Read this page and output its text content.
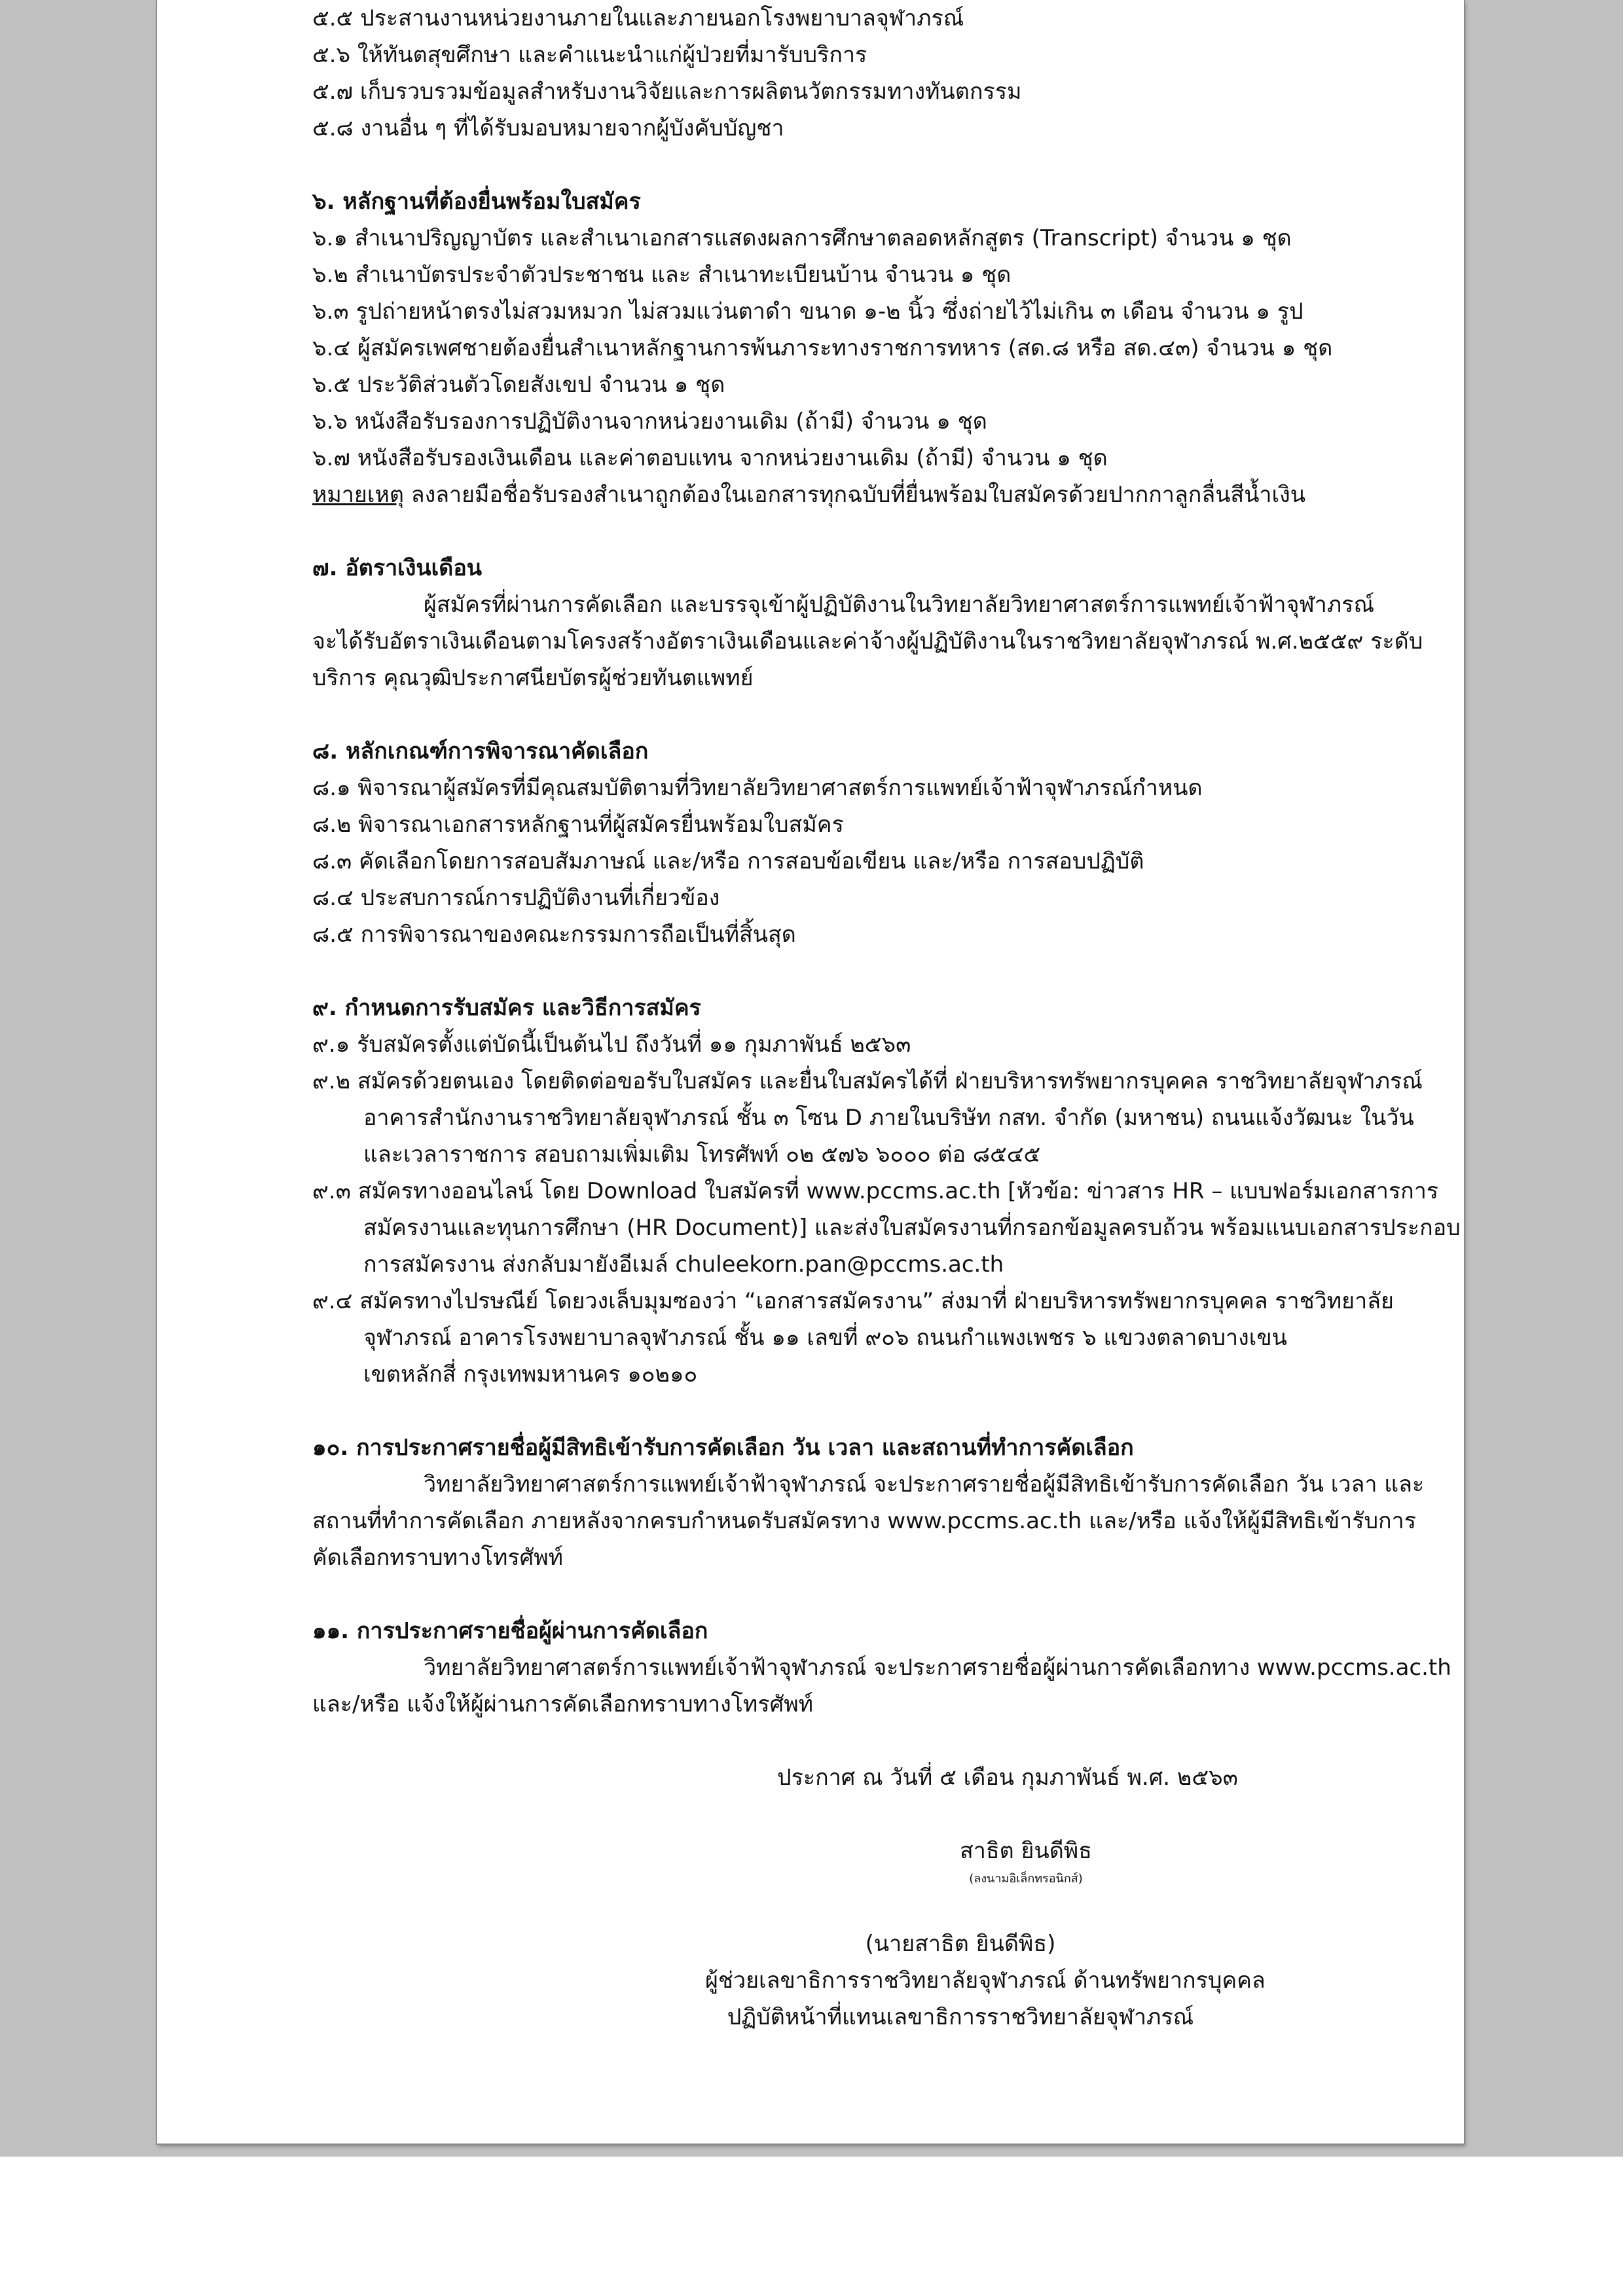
๕.๕ ประสานงานหน่วยงานภายในและภายนอกโรงพยาบาลจุฬาภรณ์
๕.๖ ให้ทันตสุขศึกษา และคำแนะนำแก่ผู้ป่วยที่มารับบริการ
๕.๗ เก็บรวบรวมข้อมูลสำหรับงานวิจัยและการผลิตนวัตกรรมทางทันตกรรม
๕.๘ งานอื่น ๆ ที่ได้รับมอบหมายจากผู้บังคับบัญชา
๖. หลักฐานที่ต้องยื่นพร้อมใบสมัคร
๖.๑ สำเนาปริญญาบัตร และสำเนาเอกสารแสดงผลการศึกษาตลอดหลักสูตร (Transcript) จำนวน ๑ ชุด
๖.๒ สำเนาบัตรประจำตัวประชาชน และ สำเนาทะเบียนบ้าน จำนวน ๑ ชุด
๖.๓ รูปถ่ายหน้าตรงไม่สวมหมวก ไม่สวมแว่นตาดำ ขนาด ๑-๒ นิ้ว ซึ่งถ่ายไว้ไม่เกิน ๓ เดือน จำนวน ๑ รูป
๖.๔ ผู้สมัครเพศชายต้องยื่นสำเนาหลักฐานการพ้นภาระทางราชการทหาร (สด.๘ หรือ สด.๔๓) จำนวน ๑ ชุด
๖.๕ ประวัติส่วนตัวโดยสังเขป จำนวน ๑ ชุด
๖.๖ หนังสือรับรองการปฏิบัติงานจากหน่วยงานเดิม (ถ้ามี) จำนวน ๑ ชุด
๖.๗ หนังสือรับรองเงินเดือน และค่าตอบแทน จากหน่วยงานเดิม (ถ้ามี) จำนวน ๑ ชุด
หมายเหตุ ลงลายมือชื่อรับรองสำเนาถูกต้องในเอกสารทุกฉบับที่ยื่นพร้อมใบสมัครด้วยปากกาลูกลื่นสีน้ำเงิน
๗. อัตราเงินเดือน
ผู้สมัครที่ผ่านการคัดเลือก และบรรจุเข้าผู้ปฏิบัติงานในวิทยาลัยวิทยาศาสตร์การแพทย์เจ้าฟ้าจุฬาภรณ์
จะได้รับอัตราเงินเดือนตามโครงสร้างอัตราเงินเดือนและค่าจ้างผู้ปฏิบัติงานในราชวิทยาลัยจุฬาภรณ์ พ.ศ.๒๕๕๙ ระดับ
บริการ คุณวุฒิประกาศนียบัตรผู้ช่วยทันตแพทย์
๘. หลักเกณฑ์การพิจารณาคัดเลือก
๘.๑ พิจารณาผู้สมัครที่มีคุณสมบัติตามที่วิทยาลัยวิทยาศาสตร์การแพทย์เจ้าฟ้าจุฬาภรณ์กำหนด
๘.๒ พิจารณาเอกสารหลักฐานที่ผู้สมัครยื่นพร้อมใบสมัคร
๘.๓ คัดเลือกโดยการสอบสัมภาษณ์ และ/หรือ การสอบข้อเขียน และ/หรือ การสอบปฏิบัติ
๘.๔ ประสบการณ์การปฏิบัติงานที่เกี่ยวข้อง
๘.๕ การพิจารณาของคณะกรรมการถือเป็นที่สิ้นสุด
๙. กำหนดการรับสมัคร และวิธีการสมัคร
๙.๑ รับสมัครตั้งแต่บัดนี้เป็นต้นไป ถึงวันที่ ๑๑ กุมภาพันธ์ ๒๕๖๓
๙.๒ สมัครด้วยตนเอง โดยติดต่อขอรับใบสมัคร และยื่นใบสมัครได้ที่ ฝ่ายบริหารทรัพยากรบุคคล ราชวิทยาลัยจุฬาภรณ์
อาคารสำนักงานราชวิทยาลัยจุฬาภรณ์ ชั้น ๓ โซน D ภายในบริษัท กสท. จำกัด (มหาชน) ถนนแจ้งวัฒนะ ในวัน
และเวลาราชการ สอบถามเพิ่มเติม โทรศัพท์ ๐๒ ๕๗๖ ๖๐๐๐ ต่อ ๘๕๔๕
๙.๓ สมัครทางออนไลน์ โดย Download ใบสมัครที่ www.pccms.ac.th [หัวข้อ: ข่าวสาร HR – แบบฟอร์มเอกสารการ
สมัครงานและทุนการศึกษา (HR Document)] และส่งใบสมัครงานที่กรอกข้อมูลครบถ้วน พร้อมแนบเอกสารประกอบ
การสมัครงาน ส่งกลับมายังอีเมล์ chuleekorn.pan@pccms.ac.th
๙.๔ สมัครทางไปรษณีย์ โดยวงเล็บมุมซองว่า “เอกสารสมัครงาน” ส่งมาที่ ฝ่ายบริหารทรัพยากรบุคคล ราชวิทยาลัย
จุฬาภรณ์ อาคารโรงพยาบาลจุฬาภรณ์ ชั้น ๑๑ เลขที่ ๙๐๖ ถนนกำแพงเพชร ๖ แขวงตลาดบางเขน
เขตหลักสี่ กรุงเทพมหานคร ๑๐๒๑๐
๑๐. การประกาศรายชื่อผู้มีสิทธิเข้ารับการคัดเลือก วัน เวลา และสถานที่ทำการคัดเลือก
วิทยาลัยวิทยาศาสตร์การแพทย์เจ้าฟ้าจุฬาภรณ์ จะประกาศรายชื่อผู้มีสิทธิเข้ารับการคัดเลือก วัน เวลา และ
สถานที่ทำการคัดเลือก ภายหลังจากครบกำหนดรับสมัครทาง www.pccms.ac.th และ/หรือ แจ้งให้ผู้มีสิทธิเข้ารับการ
คัดเลือกทราบทางโทรศัพท์
๑๑. การประกาศรายชื่อผู้ผ่านการคัดเลือก
วิทยาลัยวิทยาศาสตร์การแพทย์เจ้าฟ้าจุฬาภรณ์ จะประกาศรายชื่อผู้ผ่านการคัดเลือกทาง www.pccms.ac.th
และ/หรือ แจ้งให้ผู้ผ่านการคัดเลือกทราบทางโทรศัพท์
ประกาศ ณ วันที่ ๕ เดือน กุมภาพันธ์ พ.ศ. ๒๕๖๓
สาธิต ยินดีพิธ
(ลงนามอิเล็กทรอนิกส์)
(นายสาธิต ยินดีพิธ)
ผู้ช่วยเลขาธิการราชวิทยาลัยจุฬาภรณ์ ด้านทรัพยากรบุคคล
ปฏิบัติหน้าที่แทนเลขาธิการราชวิทยาลัยจุฬาภรณ์
